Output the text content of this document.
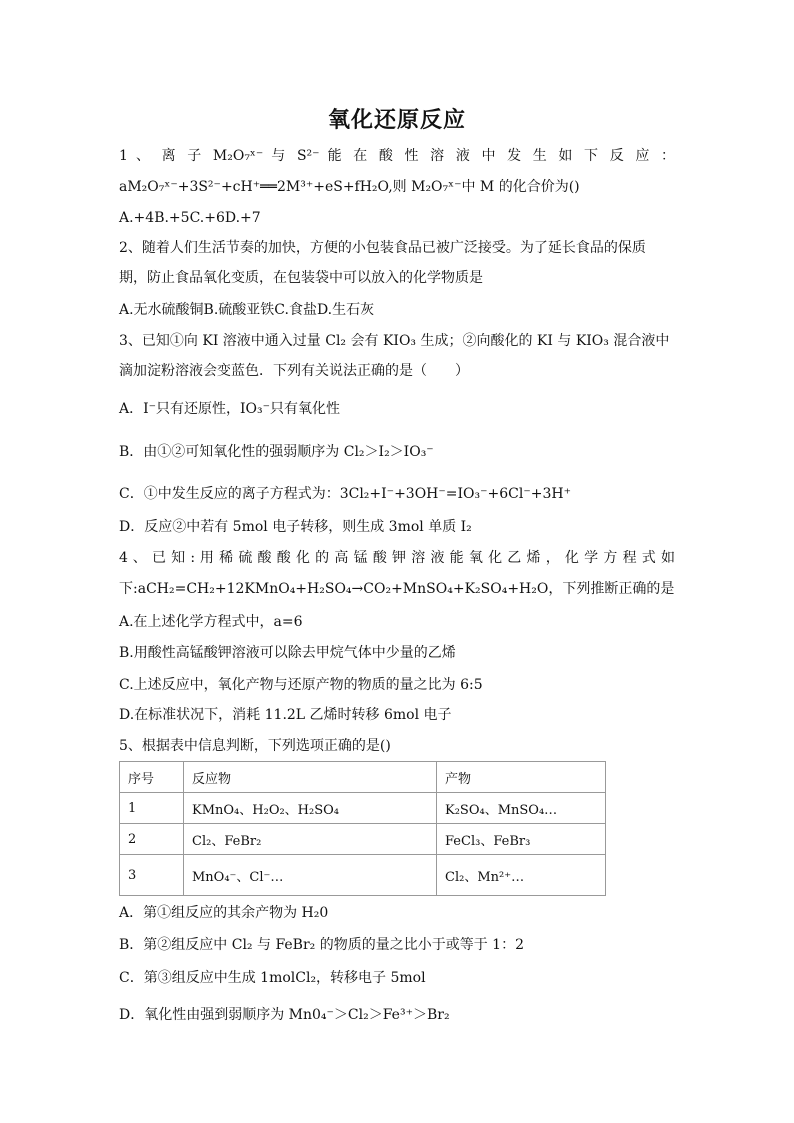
氧化还原反应
1 、 离 子 M₂O₇ˣ⁻ 与 S²⁻ 能 在 酸 性 溶 液 中 发 生 如 下 反 应 ：
aM₂O₇ˣ⁻+3S²⁻+cH⁺══2M³⁺+eS+fH₂O,则 M₂O₇ˣ⁻中 M 的化合价为()
A.+4B.+5C.+6D.+7
2、随着人们生活节奏的加快，方便的小包装食品已被广泛接受。为了延长食品的保质
期，防止食品氧化变质，在包装袋中可以放入的化学物质是
A.无水硫酸铜B.硫酸亚铁C.食盐D.生石灰
3、已知①向 KI 溶液中通入过量 Cl₂ 会有 KIO₃ 生成；②向酸化的 KI 与 KIO₃ 混合液中
滴加淀粉溶液会变蓝色．下列有关说法正确的是（　　）
A．I⁻只有还原性，IO₃⁻只有氧化性
B．由①②可知氧化性的强弱顺序为 Cl₂＞I₂＞IO₃⁻
C．①中发生反应的离子方程式为：3Cl₂+I⁻+3OH⁻=IO₃⁻+6Cl⁻+3H⁺
D．反应②中若有 5mol 电子转移，则生成 3mol 单质 I₂
4 、 已 知 : 用 稀 硫 酸 酸 化 的 高 锰 酸 钾 溶 液 能 氧 化 乙 烯 ， 化 学 方 程 式 如
下:aCH₂=CH₂+12KMnO₄+H₂SO₄→CO₂+MnSO₄+K₂SO₄+H₂O，下列推断正确的是
A.在上述化学方程式中，a=6
B.用酸性高锰酸钾溶液可以除去甲烷气体中少量的乙烯
C.上述反应中，氧化产物与还原产物的物质的量之比为 6:5
D.在标准状况下，消耗 11.2L 乙烯时转移 6mol 电子
5、根据表中信息判断，下列选项正确的是()
序号	反应物	产物
1	KMnO₄、H₂O₂、H₂SO₄	K₂SO₄、MnSO₄…
2	Cl₂、FeBr₂	FeCl₃、FeBr₃
3	MnO₄⁻、Cl⁻…	Cl₂、Mn²⁺…
A．第①组反应的其余产物为 H₂0
B．第②组反应中 Cl₂ 与 FeBr₂ 的物质的量之比小于或等于 1：2
C．第③组反应中生成 1molCl₂，转移电子 5mol
D．氧化性由强到弱顺序为 Mn0₄⁻＞Cl₂＞Fe³⁺＞Br₂
